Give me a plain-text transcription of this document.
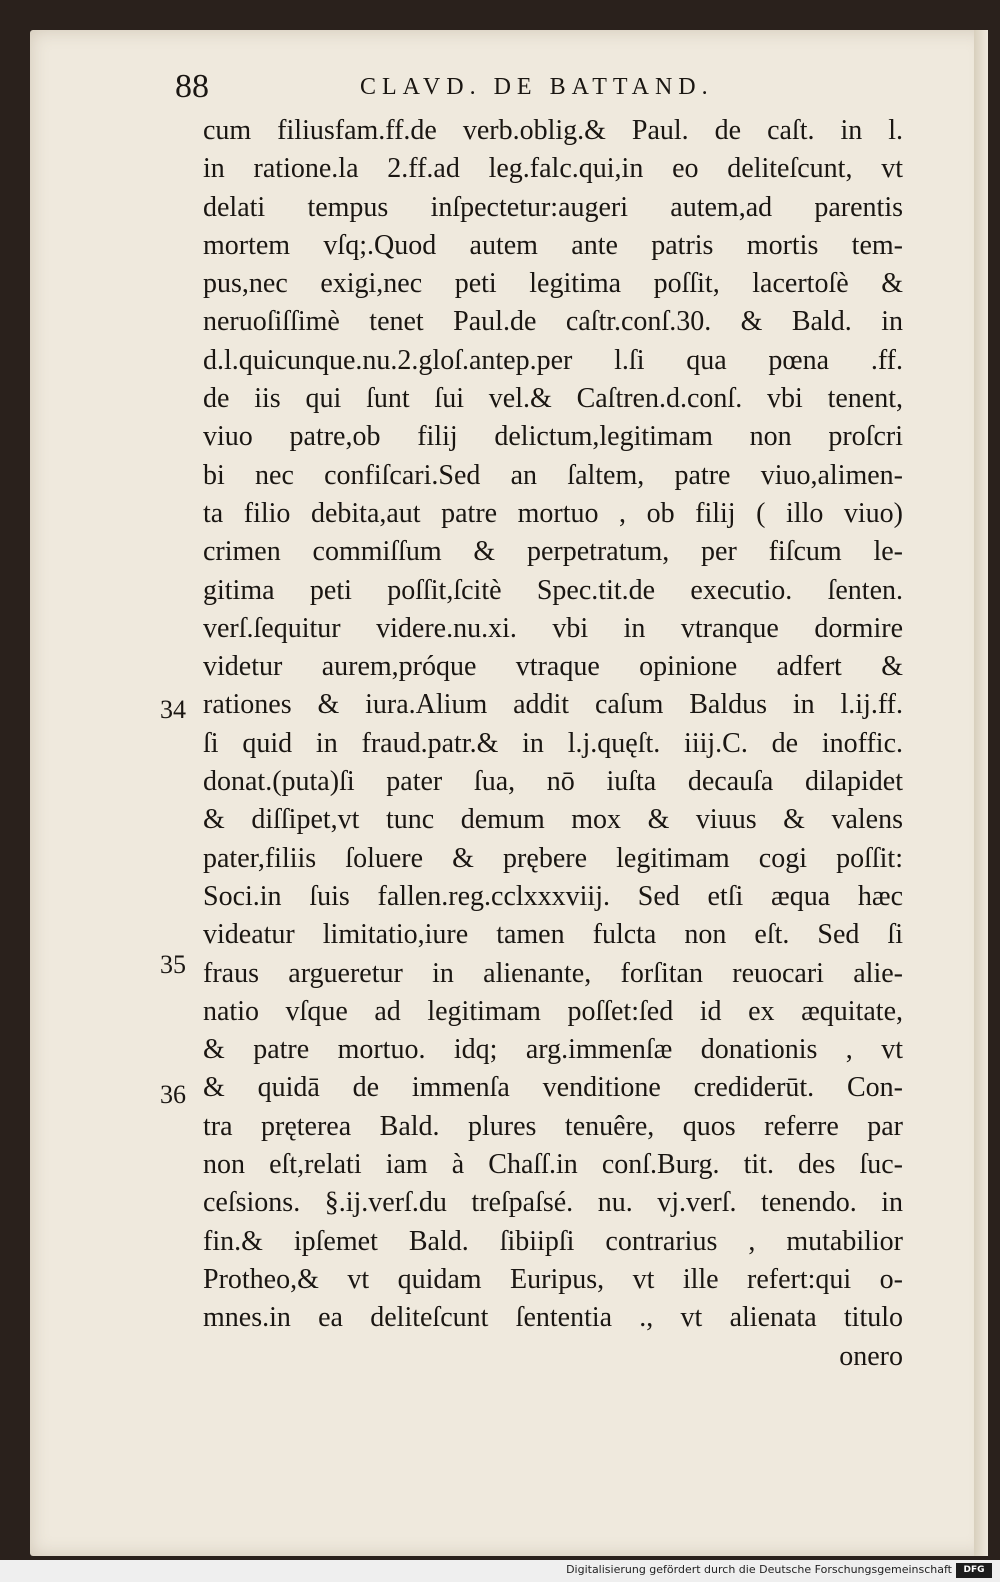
88	CLAVD. DE BATTAND.
34
35
36
cum filiusfam.ff.de verb.oblig.& Paul. de caſt. in l.
in ratione.la 2.ff.ad leg.falc.qui,in eo deliteſcunt, vt
delati tempus inſpectetur:augeri autem,ad parentis
mortem vſq;.Quod autem ante patris mortis tem-
pus,nec exigi,nec peti legitima poſſit, lacertoſè &
neruoſiſſimè tenet Paul.de caſtr.conſ.30. & Bald. in
d.l.quicunque.nu.2.gloſ.antep.per l.ſi qua pœna .ff.
de iis qui ſunt ſui vel.& Caſtren.d.conſ. vbi tenent,
viuo patre,ob filij delictum,legitimam non proſcri
bi nec confiſcari.Sed an ſaltem, patre viuo,alimen-
ta filio debita,aut patre mortuo , ob filij ( illo viuo)
crimen commiſſum & perpetratum, per fiſcum le-
gitima peti poſſit,ſcitè Spec.tit.de executio. ſenten.
verſ.ſequitur videre.nu.xi. vbi in vtranque dormire
videtur aurem,próque vtraque opinione adfert &
rationes & iura.Alium addit caſum Baldus in l.ij.ff.
ſi quid in fraud.patr.& in l.j.quęſt. iiij.C. de inoffic.
donat.(puta)ſi pater ſua, nō iuſta decauſa dilapidet
& diſſipet,vt tunc demum mox & viuus & valens
pater,filiis ſoluere & prębere legitimam cogi poſſit:
Soci.in ſuis fallen.reg.cclxxxviij. Sed etſi æqua hæc
videatur limitatio,iure tamen fulcta non eſt. Sed ſi
fraus argueretur in alienante, forſitan reuocari alie-
natio vſque ad legitimam poſſet:ſed id ex æquitate,
& patre mortuo. idq; arg.immenſæ donationis , vt
& quidā de immenſa venditione crediderūt. Con-
tra pręterea Bald. plures tenuêre, quos referre par
non eſt,relati iam à Chaſſ.in conſ.Burg. tit. des ſuc-
ceſsions. §.ij.verſ.du treſpaſsé. nu. vj.verſ. tenendo. in
fin.& ipſemet Bald. ſibiipſi contrarius , mutabilior
Protheo,& vt quidam Euripus, vt ille refert:qui o-
mnes.in ea deliteſcunt ſententia ., vt alienata titulo
onero
Digitalisierung gefördert durch die Deutsche Forschungsgemeinschaft	DFG
